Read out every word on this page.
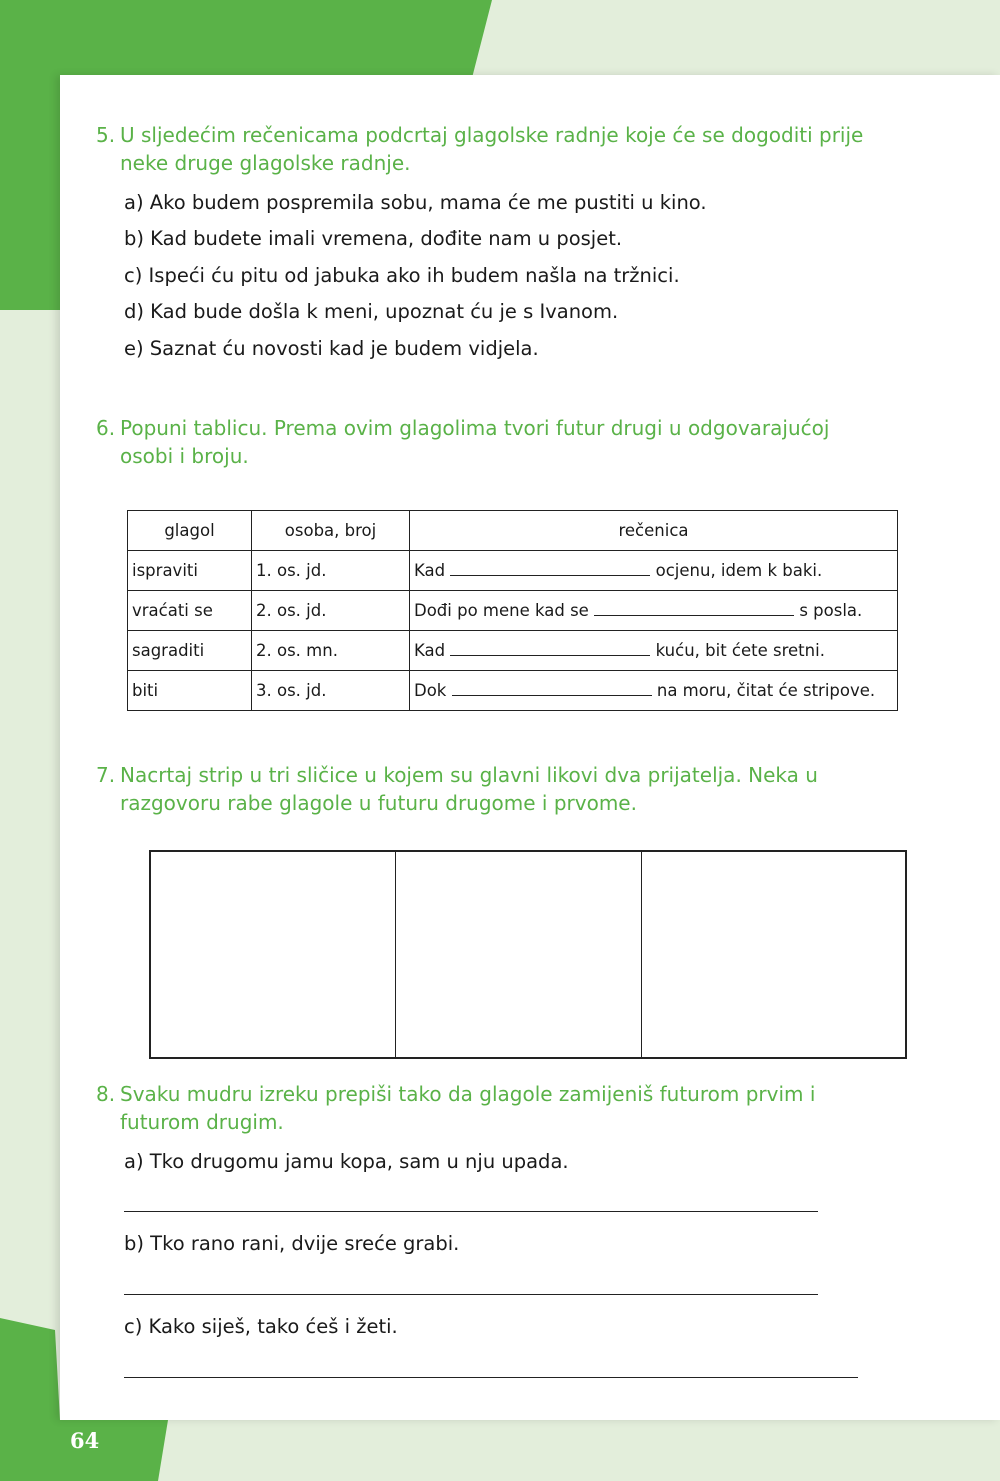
5. U sljedećim rečenicama podcrtaj glagolske radnje koje će se dogoditi prije neke druge glagolske radnje.
a) Ako budem pospremila sobu, mama će me pustiti u kino.
b) Kad budete imali vremena, dođite nam u posjet.
c) Ispeći ću pitu od jabuka ako ih budem našla na tržnici.
d) Kad bude došla k meni, upoznat ću je s Ivanom.
e) Saznat ću novosti kad je budem vidjela.
6. Popuni tablicu. Prema ovim glagolima tvori futur drugi u odgovarajućoj osobi i broju.
glagol	osoba, broj	rečenica
ispraviti	1. os. jd.	Kad ocjenu, idem k baki.
vraćati se	2. os. jd.	Dođi po mene kad se s posla.
sagraditi	2. os. mn.	Kad kuću, bit ćete sretni.
biti	3. os. jd.	Dok na moru, čitat će stripove.
7. Nacrtaj strip u tri sličice u kojem su glavni likovi dva prijatelja. Neka u razgovoru rabe glagole u futuru drugome i prvome.
8. Svaku mudru izreku prepiši tako da glagole zamijeniš futurom prvim i futurom drugim.
a) Tko drugomu jamu kopa, sam u nju upada.
b) Tko rano rani, dvije sreće grabi.
c) Kako siješ, tako ćeš i žeti.
64
